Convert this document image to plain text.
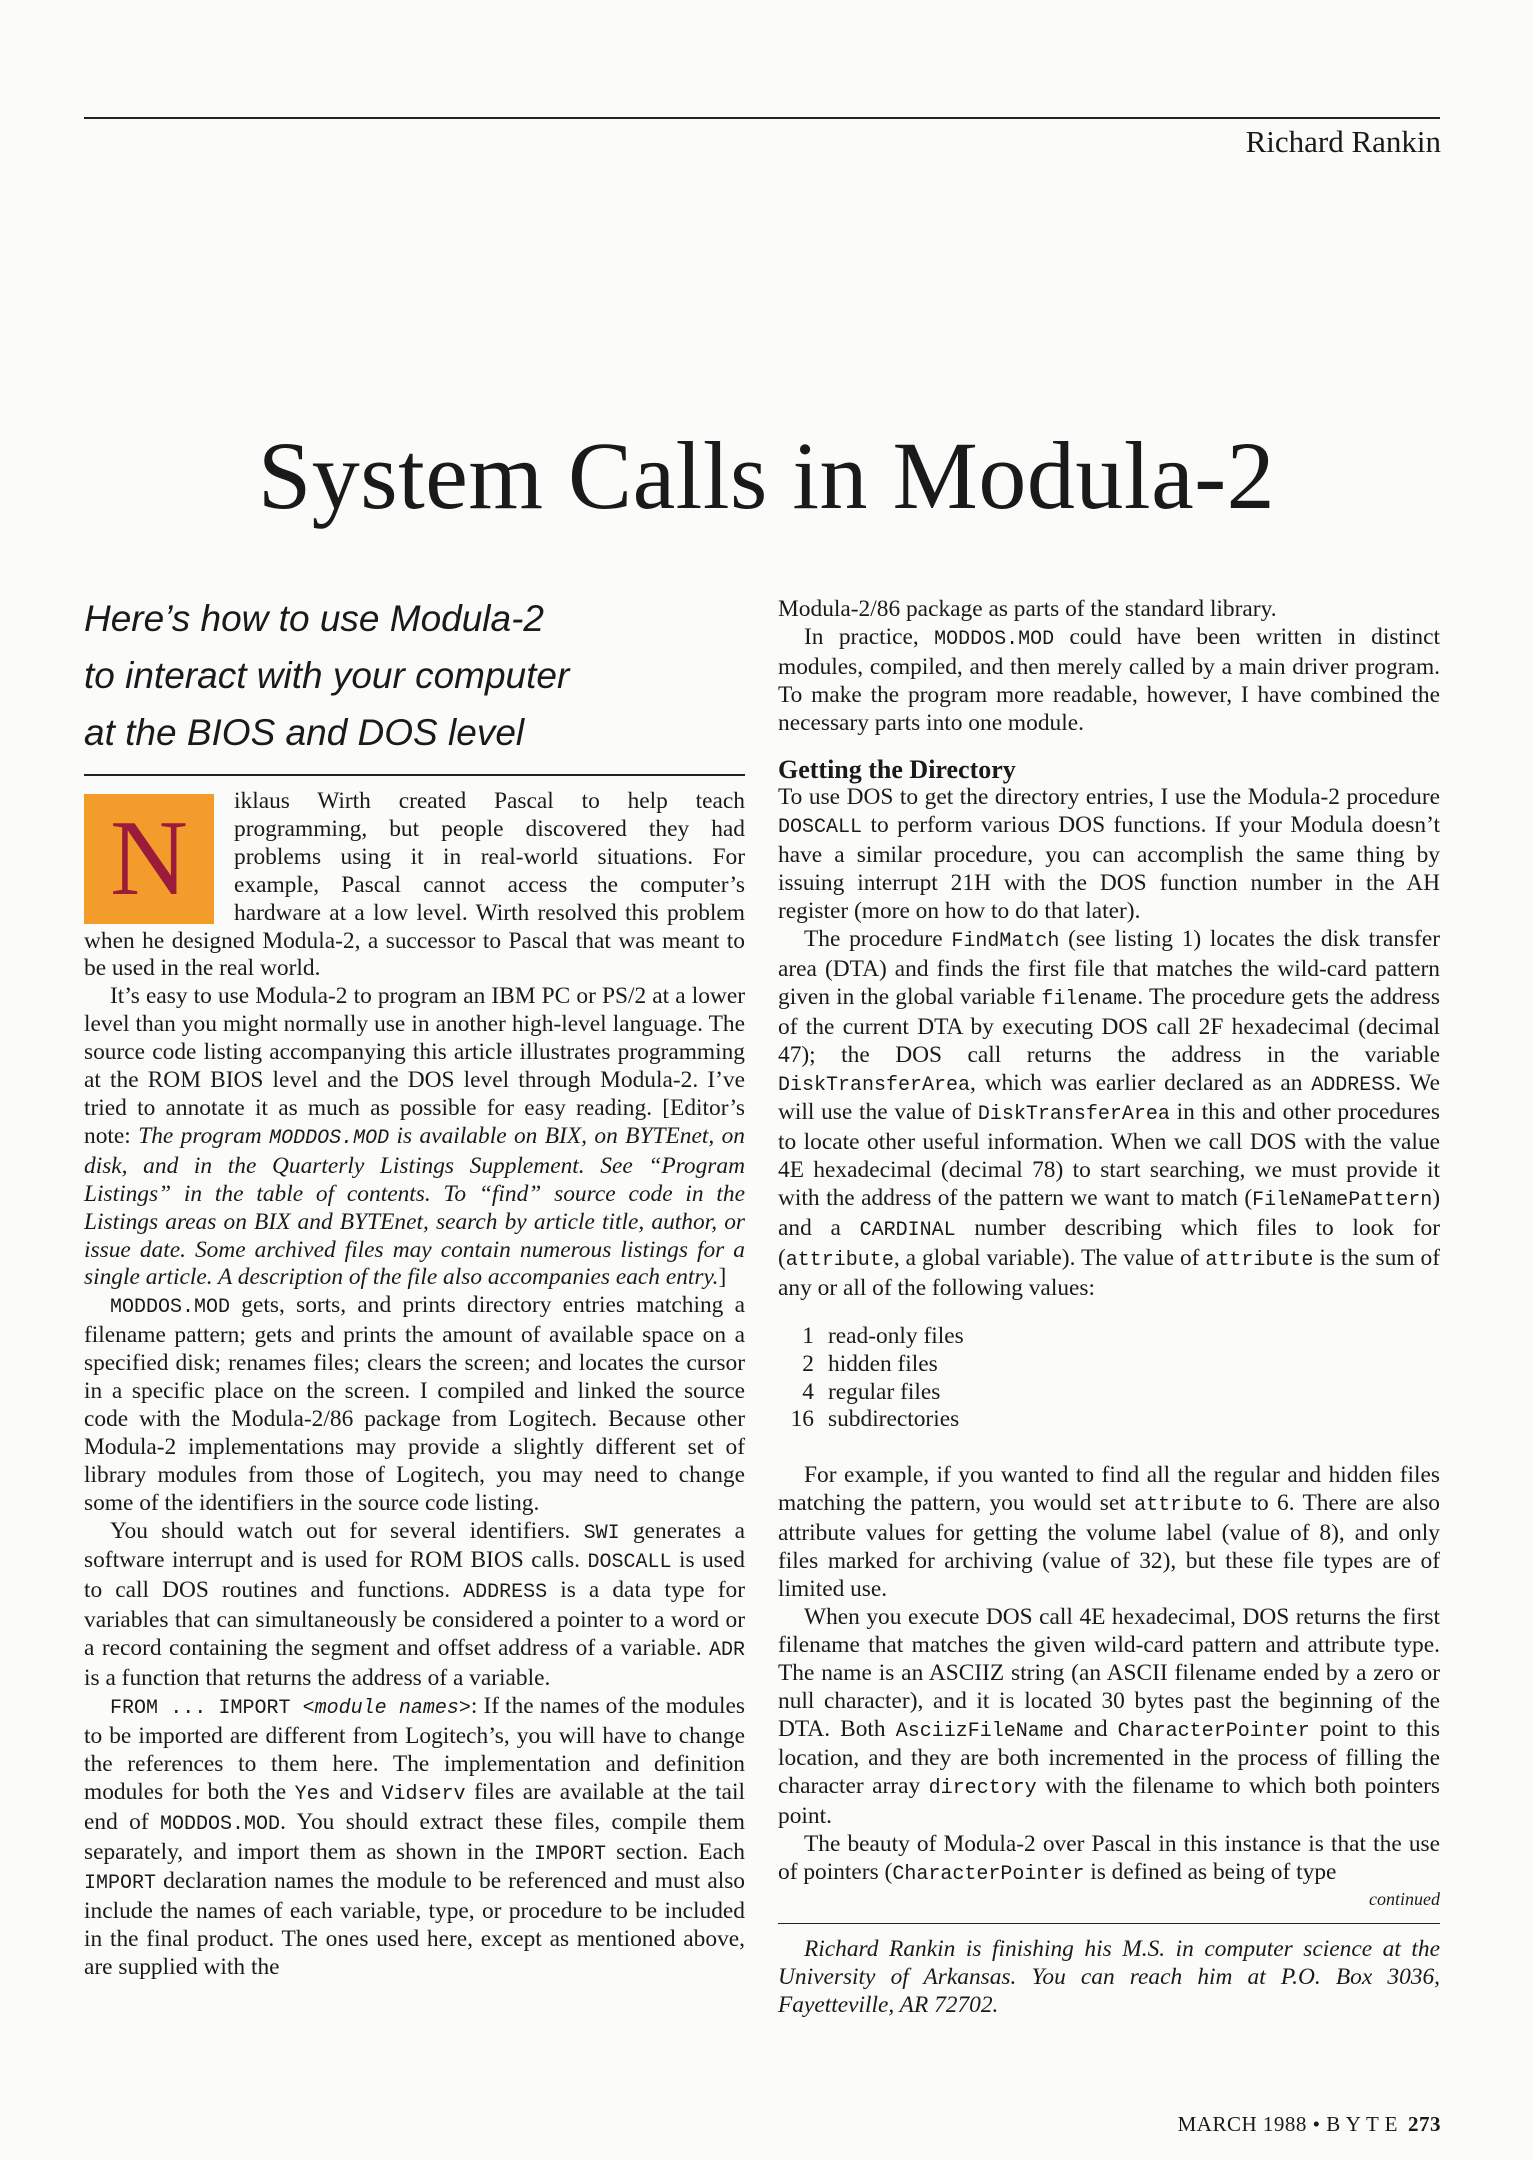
Richard Rankin
System Calls in Modula-2
Here’s how to use Modula-2
to interact with your computer
at the BIOS and DOS level
N	iklaus Wirth created Pascal to help teach programming, but people discovered they had problems using it in real-world situations. For example, Pascal cannot access the computer’s hardware at a low level. Wirth resolved this problem when he designed Modula-2, a successor to Pascal that was meant to be used in the real world.

It’s easy to use Modula-2 to program an IBM PC or PS/2 at a lower level than you might normally use in another high-level language. The source code listing accompanying this article illustrates programming at the ROM BIOS level and the DOS level through Modula-2. I’ve tried to annotate it as much as possible for easy reading. [Editor’s note: The program MODDOS.MOD is available on BIX, on BYTEnet, on disk, and in the Quarterly Listings Supplement. See “Program Listings” in the table of contents. To “find” source code in the Listings areas on BIX and BYTEnet, search by article title, author, or issue date. Some archived files may contain numerous listings for a single article. A description of the file also accompanies each entry.]

MODDOS.MOD gets, sorts, and prints directory entries matching a filename pattern; gets and prints the amount of available space on a specified disk; renames files; clears the screen; and locates the cursor in a specific place on the screen. I compiled and linked the source code with the Modula-2/86 package from Logitech. Because other Modula-2 implementations may provide a slightly different set of library modules from those of Logitech, you may need to change some of the identifiers in the source code listing.

You should watch out for several identifiers. SWI generates a software interrupt and is used for ROM BIOS calls. DOSCALL is used to call DOS routines and functions. ADDRESS is a data type for variables that can simultaneously be considered a pointer to a word or a record containing the segment and offset address of a variable. ADR is a function that returns the address of a variable.

FROM ... IMPORT <module names>: If the names of the modules to be imported are different from Logitech’s, you will have to change the references to them here. The implementation and definition modules for both the Yes and Vidserv files are available at the tail end of MODDOS.MOD. You should extract these files, compile them separately, and import them as shown in the IMPORT section. Each IMPORT declaration names the module to be referenced and must also include the names of each variable, type, or procedure to be included in the final product. The ones used here, except as mentioned above, are supplied with the

Modula-2/86 package as parts of the standard library.

In practice, MODDOS.MOD could have been written in distinct modules, compiled, and then merely called by a main driver program. To make the program more readable, however, I have combined the necessary parts into one module.

Getting the Directory

To use DOS to get the directory entries, I use the Modula-2 procedure DOSCALL to perform various DOS functions. If your Modula doesn’t have a similar procedure, you can accomplish the same thing by issuing interrupt 21H with the DOS function number in the AH register (more on how to do that later).

The procedure FindMatch (see listing 1) locates the disk transfer area (DTA) and finds the first file that matches the wild-card pattern given in the global variable filename. The procedure gets the address of the current DTA by executing DOS call 2F hexadecimal (decimal 47); the DOS call returns the address in the variable DiskTransferArea, which was earlier declared as an ADDRESS. We will use the value of DiskTransferArea in this and other procedures to locate other useful information. When we call DOS with the value 4E hexadecimal (decimal 78) to start searching, we must provide it with the address of the pattern we want to match (FileNamePattern) and a CARDINAL number describing which files to look for (attribute, a global variable). The value of attribute is the sum of any or all of the following values:

1 read-only files
2 hidden files
4 regular files
16 subdirectories

For example, if you wanted to find all the regular and hidden files matching the pattern, you would set attribute to 6. There are also attribute values for getting the volume label (value of 8), and only files marked for archiving (value of 32), but these file types are of limited use.

When you execute DOS call 4E hexadecimal, DOS returns the first filename that matches the given wild-card pattern and attribute type. The name is an ASCIIZ string (an ASCII filename ended by a zero or null character), and it is located 30 bytes past the beginning of the DTA. Both AsciizFileName and CharacterPointer point to this location, and they are both incremented in the process of filling the character array directory with the filename to which both pointers point.

The beauty of Modula-2 over Pascal in this instance is that the use of pointers (CharacterPointer is defined as being of type

continued

Richard Rankin is finishing his M.S. in computer science at the University of Arkansas. You can reach him at P.O. Box 3036, Fayetteville, AR 72702.

MARCH 1988 • B Y T E 273
